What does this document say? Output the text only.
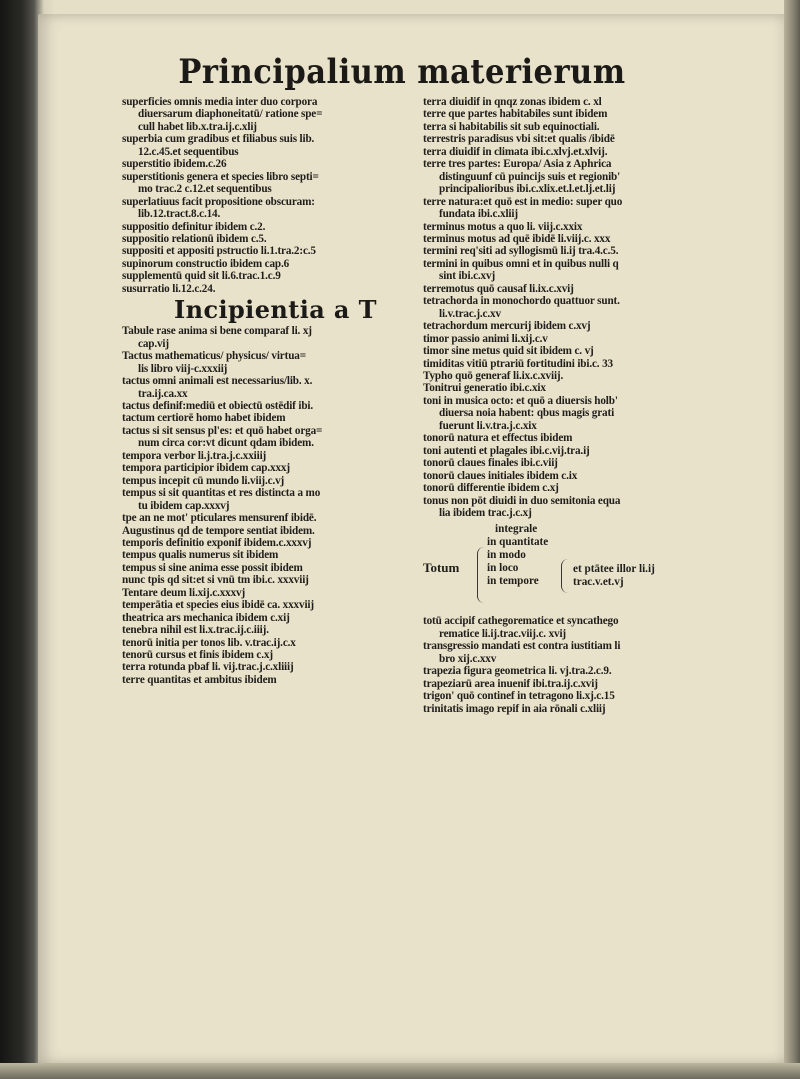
Principalium materierum
superficies omnis media inter duo corpora
diuersarum diaphoneitatū/ ratione spe=
cull habet lib.x.tra.ij.c.xlij
superbia cum gradibus et filiabus suis lib.
12.c.45.et sequentibus
superstitio ibidem.c.26
superstitionis genera et species libro septi=
mo trac.2 c.12.et sequentibus
superlatiuus facit propositione obscuram:
lib.12.tract.8.c.14.
suppositio definitur ibidem c.2.
suppositio relationū ibidem c.5.
suppositi et appositi pstructio li.1.tra.2:c.5
supinorum constructio ibidem cap.6
supplementū quid sit li.6.trac.1.c.9
susurratio li.12.c.24.
Incipientia a T
Tabule rase anima si bene comparaf li. xj
cap.vij
Tactus mathematicus/ physicus/ virtua=
lis libro viij-c.xxxiij
tactus omni animali est necessarius/lib. x.
tra.ij.ca.xx
tactus definif:mediū et obiectū ostēdif ibi.
tactum certiorē homo habet ibidem
tactus si sit sensus pl'es: et quō habet orga=
num circa cor:vt dicunt qdam ibidem.
tempora verbor li.j.tra.j.c.xxiiij
tempora participior ibidem cap.xxxj
tempus incepit cū mundo li.viij.c.vj
tempus si sit quantitas et res distincta a mo
tu ibidem cap.xxxvj
tpe an ne mot' pticulares mensurenf ibidē.
Augustinus qd de tempore sentiat ibidem.
temporis definitio exponif ibidem.c.xxxvj
tempus qualis numerus sit ibidem
tempus si sine anima esse possit ibidem
nunc tpis qd sit:et si vnū tm ibi.c. xxxviij
Tentare deum li.xij.c.xxxvj
temperātia et species eius ibidē ca. xxxviij
theatrica ars mechanica ibidem c.xij
tenebra nihil est li.x.trac.ij.c.iiij.
tenorū initia per tonos lib. v.trac.ij.c.x
tenorū cursus et finis ibidem c.xj
terra rotunda pbaf li. vij.trac.j.c.xliiij
terre quantitas et ambitus ibidem
terra diuidif in qnqz zonas ibidem c. xl
terre que partes habitabiles sunt ibidem
terra si habitabilis sit sub equinoctiali.
terrestris paradisus vbi sit:et qualis /ibidē
terra diuidif in climata ibi.c.xlvj.et.xlvij.
terre tres partes: Europa/ Asia z Aphrica
distinguunf cū puincijs suis et regionib'
principalioribus ibi.c.xlix.et.l.et.lj.et.lij
terre natura:et quō est in medio: super quo
fundata ibi.c.xliij
terminus motus a quo li. viij.c.xxix
terminus motus ad quē ibidē li.viij.c. xxx
termini req'siti ad syllogismū li.ij tra.4.c.5.
termini in quibus omni et in quibus nulli q
sint ibi.c.xvj
terremotus quō causaf li.ix.c.xvij
tetrachorda in monochordo quattuor sunt.
li.v.trac.j.c.xv
tetrachordum mercurij ibidem c.xvj
timor passio animi li.xij.c.v
timor sine metus quid sit ibidem c. vj
timiditas vitiū ptrariū fortitudini ibi.c. 33
Typho quō generaf li.ix.c.xviij.
Tonitrui generatio ibi.c.xix
toni in musica octo: et quō a diuersis holb'
diuersa noia habent: qbus magis grati
fuerunt li.v.tra.j.c.xix
tonorū natura et effectus ibidem
toni autenti et plagales ibi.c.vij.tra.ij
tonorū claues finales ibi.c.viij
tonorū claues initiales ibidem c.ix
tonorū differentie ibidem c.xj
tonus non pōt diuidi in duo semitonia equa
lia ibidem trac.j.c.xj
Totum
integrale
in quantitate
in modo
in loco
in tempore
et ptātee illor li.ij
trac.v.et.vj
totū accipif cathegorematice et syncathego
rematice li.ij.trac.viij.c. xvij
transgressio mandati est contra iustitiam li
bro xij.c.xxv
trapezia figura geometrica li. vj.tra.2.c.9.
trapeziarū area inuenif ibi.tra.ij.c.xvij
trigon' quō continef in tetragono li.xj.c.15
trinitatis imago repif in aia rōnali c.xliij
